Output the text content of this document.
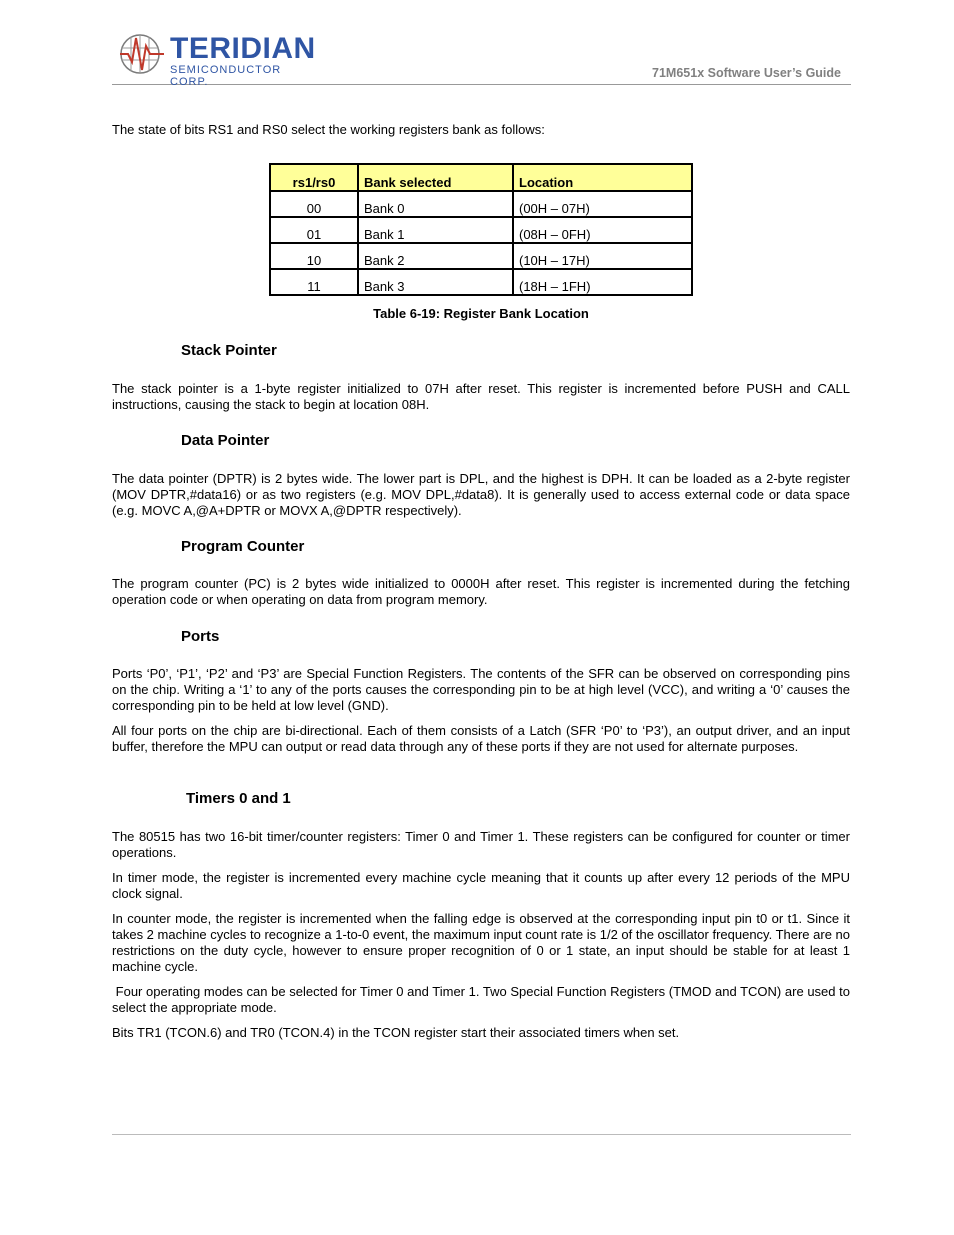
TERIDIAN
SEMICONDUCTOR CORP.
71M651x Software User’s Guide
The state of bits RS1 and RS0 select the working registers bank as follows:
rs1/rs0	Bank selected	Location
00	Bank 0	(00H – 07H)
01	Bank 1	(08H – 0FH)
10	Bank 2	(10H – 17H)
11	Bank 3	(18H – 1FH)
Table 6-19: Register Bank Location
Stack Pointer
The stack pointer is a 1-byte register initialized to 07H after reset. This register is incremented before PUSH and CALL instructions, causing the stack to begin at location 08H.
Data Pointer
The data pointer (DPTR) is 2 bytes wide. The lower part is DPL, and the highest is DPH. It can be loaded as a 2-byte register (MOV DPTR,#data16) or as two registers (e.g. MOV DPL,#data8). It is generally used to access external code or data space (e.g. MOVC A,@A+DPTR or MOVX A,@DPTR respectively).
Program Counter
The program counter (PC) is 2 bytes wide initialized to 0000H after reset. This register is incremented during the fetching operation code or when operating on data from program memory.
Ports
Ports ‘P0’, ‘P1’, ‘P2’ and ‘P3’ are Special Function Registers. The contents of the SFR can be observed on corresponding pins on the chip. Writing a ‘1’ to any of the ports causes the corresponding pin to be at high level (VCC), and writing a ‘0’ causes the corresponding pin to be held at low level (GND).
All four ports on the chip are bi-directional. Each of them consists of a Latch (SFR ‘P0’ to ‘P3’), an output driver, and an input buffer, therefore the MPU can output or read data through any of these ports if they are not used for alternate purposes.
Timers 0 and 1
The 80515 has two 16-bit timer/counter registers: Timer 0 and Timer 1. These registers can be configured for counter or timer operations.
In timer mode, the register is incremented every machine cycle meaning that it counts up after every 12 periods of the MPU clock signal.
In counter mode, the register is incremented when the falling edge is observed at the corresponding input pin t0 or t1. Since it takes 2 machine cycles to recognize a 1-to-0 event, the maximum input count rate is 1/2 of the oscillator frequency. There are no restrictions on the duty cycle, however to ensure proper recognition of 0 or 1 state, an input should be stable for at least 1 machine cycle.
Four operating modes can be selected for Timer 0 and Timer 1. Two Special Function Registers (TMOD and TCON) are used to select the appropriate mode.
Bits TR1 (TCON.6) and TR0 (TCON.4) in the TCON register start their associated timers when set.
